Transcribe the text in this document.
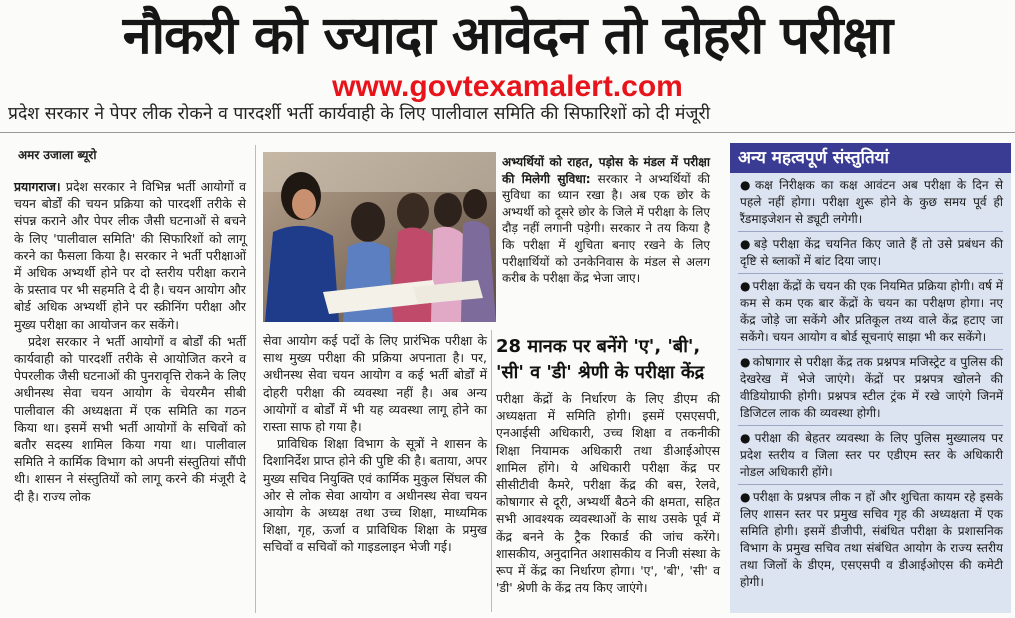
नौकरी को ज्यादा आवेदन तो दोहरी परीक्षा
www.govtexamalert.com
प्रदेश सरकार ने पेपर लीक रोकने व पारदर्शी भर्ती कार्यवाही के लिए पालीवाल समिति की सिफारिशों को दी मंजूरी
अमर उजाला ब्यूरो

प्रयागराज। प्रदेश सरकार ने विभिन्न भर्ती आयोगों व चयन बोर्डों की चयन प्रक्रिया को पारदर्शी तरीके से संपन्न कराने और पेपर लीक जैसी घटनाओं से बचने के लिए 'पालीवाल समिति' की सिफारिशों को लागू करने का फैसला किया है। सरकार ने भर्ती परीक्षाओं में अधिक अभ्यर्थी होने पर दो स्तरीय परीक्षा कराने के प्रस्ताव पर भी सहमति दे दी है। चयन आयोग और बोर्ड अधिक अभ्यर्थी होने पर स्क्रीनिंग परीक्षा और मुख्य परीक्षा का आयोजन कर सकेंगे।

प्रदेश सरकार ने भर्ती आयोगों व बोर्डों की भर्ती कार्यवाही को पारदर्शी तरीके से आयोजित करने व पेपरलीक जैसी घटनाओं की पुनरावृत्ति रोकने के लिए अधीनस्थ सेवा चयन आयोग के चेयरमैन सीबी पालीवाल की अध्यक्षता में एक समिति का गठन किया था। इसमें सभी भर्ती आयोगों के सचिवों को बतौर सदस्य शामिल किया गया था। पालीवाल समिति ने कार्मिक विभाग को अपनी संस्तुतियां सौंपी थी। शासन ने संस्तुतियों को लागू करने की मंजूरी दे दी है। राज्य लोक

अभ्यर्थियों को राहत, पड़ोस के मंडल में परीक्षा की मिलेगी सुविधा: सरकार ने अभ्यर्थियों की सुविधा का ध्यान रखा है। अब एक छोर के अभ्यर्थी को दूसरे छोर के जिले में परीक्षा के लिए दौड़ नहीं लगानी पड़ेगी। सरकार ने तय किया है कि परीक्षा में शुचिता बनाए रखने के लिए परीक्षार्थियों को उनकेनिवास के मंडल से अलग करीब के परीक्षा केंद्र भेजा जाए।

सेवा आयोग कई पदों के लिए प्रारंभिक परीक्षा के साथ मुख्य परीक्षा की प्रक्रिया अपनाता है। पर, अधीनस्थ सेवा चयन आयोग व कई भर्ती बोर्डों में दोहरी परीक्षा की व्यवस्था नहीं है। अब अन्य आयोगों व बोर्डों में भी यह व्यवस्था लागू होने का रास्ता साफ हो गया है।

प्राविधिक शिक्षा विभाग के सूत्रों ने शासन के दिशानिर्देश प्राप्त होने की पुष्टि की है। बताया, अपर मुख्य सचिव नियुक्ति एवं कार्मिक मुकुल सिंघल की ओर से लोक सेवा आयोग व अधीनस्थ सेवा चयन आयोग के अध्यक्ष तथा उच्च शिक्षा, माध्यमिक शिक्षा, गृह, ऊर्जा व प्राविधिक शिक्षा के प्रमुख सचिवों व सचिवों को गाइडलाइन भेजी गई।

28 मानक पर बनेंगे 'ए', 'बी', 'सी' व 'डी' श्रेणी के परीक्षा केंद्र

परीक्षा केंद्रों के निर्धारण के लिए डीएम की अध्यक्षता में समिति होगी। इसमें एसएसपी, एनआईसी अधिकारी, उच्च शिक्षा व तकनीकी शिक्षा नियामक अधिकारी तथा डीआईओएस शामिल होंगे। ये अधिकारी परीक्षा केंद्र पर सीसीटीवी कैमरे, परीक्षा केंद्र की बस, रेलवे, कोषागार से दूरी, अभ्यर्थी बैठने की क्षमता, सहित सभी आवश्यक व्यवस्थाओं के साथ उसके पूर्व में केंद्र बनने के ट्रैक रिकार्ड की जांच करेंगे। शासकीय, अनुदानित अशासकीय व निजी संस्था के रूप में केंद्र का निर्धारण होगा। 'ए', 'बी', 'सी' व 'डी' श्रेणी के केंद्र तय किए जाएंगे।

अन्य महत्वपूर्ण संस्तुतियां
● कक्ष निरीक्षक का कक्ष आवंटन अब परीक्षा के दिन से पहले नहीं होगा। परीक्षा शुरू होने के कुछ समय पूर्व ही रैंडमाइजेशन से ड्यूटी लगेगी।
● बड़े परीक्षा केंद्र चयनित किए जाते हैं तो उसे प्रबंधन की दृष्टि से ब्लाकों में बांट दिया जाए।
● परीक्षा केंद्रों के चयन की एक नियमित प्रक्रिया होगी। वर्ष में कम से कम एक बार केंद्रों के चयन का परीक्षण होगा। नए केंद्र जोड़े जा सकेंगे और प्रतिकूल तथ्य वाले केंद्र हटाए जा सकेंगे। चयन आयोग व बोर्ड सूचनाएं साझा भी कर सकेंगे।
● कोषागार से परीक्षा केंद्र तक प्रश्नपत्र मजिस्ट्रेट व पुलिस की देखरेख में भेजे जाएंगे। केंद्रों पर प्रश्नपत्र खोलने की वीडियोग्राफी होगी। प्रश्नपत्र स्टील ट्रंक में रखे जाएंगे जिनमें डिजिटल लाक की व्यवस्था होगी।
● परीक्षा की बेहतर व्यवस्था के लिए पुलिस मुख्यालय पर प्रदेश स्तरीय व जिला स्तर पर एडीएम स्तर के अधिकारी नोडल अधिकारी होंगे।
● परीक्षा के प्रश्नपत्र लीक न हों और शुचिता कायम रहे इसके लिए शासन स्तर पर प्रमुख सचिव गृह की अध्यक्षता में एक समिति होगी। इसमें डीजीपी, संबंधित परीक्षा के प्रशासनिक विभाग के प्रमुख सचिव तथा संबंधित आयोग के राज्य स्तरीय तथा जिलों के डीएम, एसएसपी व डीआईओएस की कमेटी होगी।
